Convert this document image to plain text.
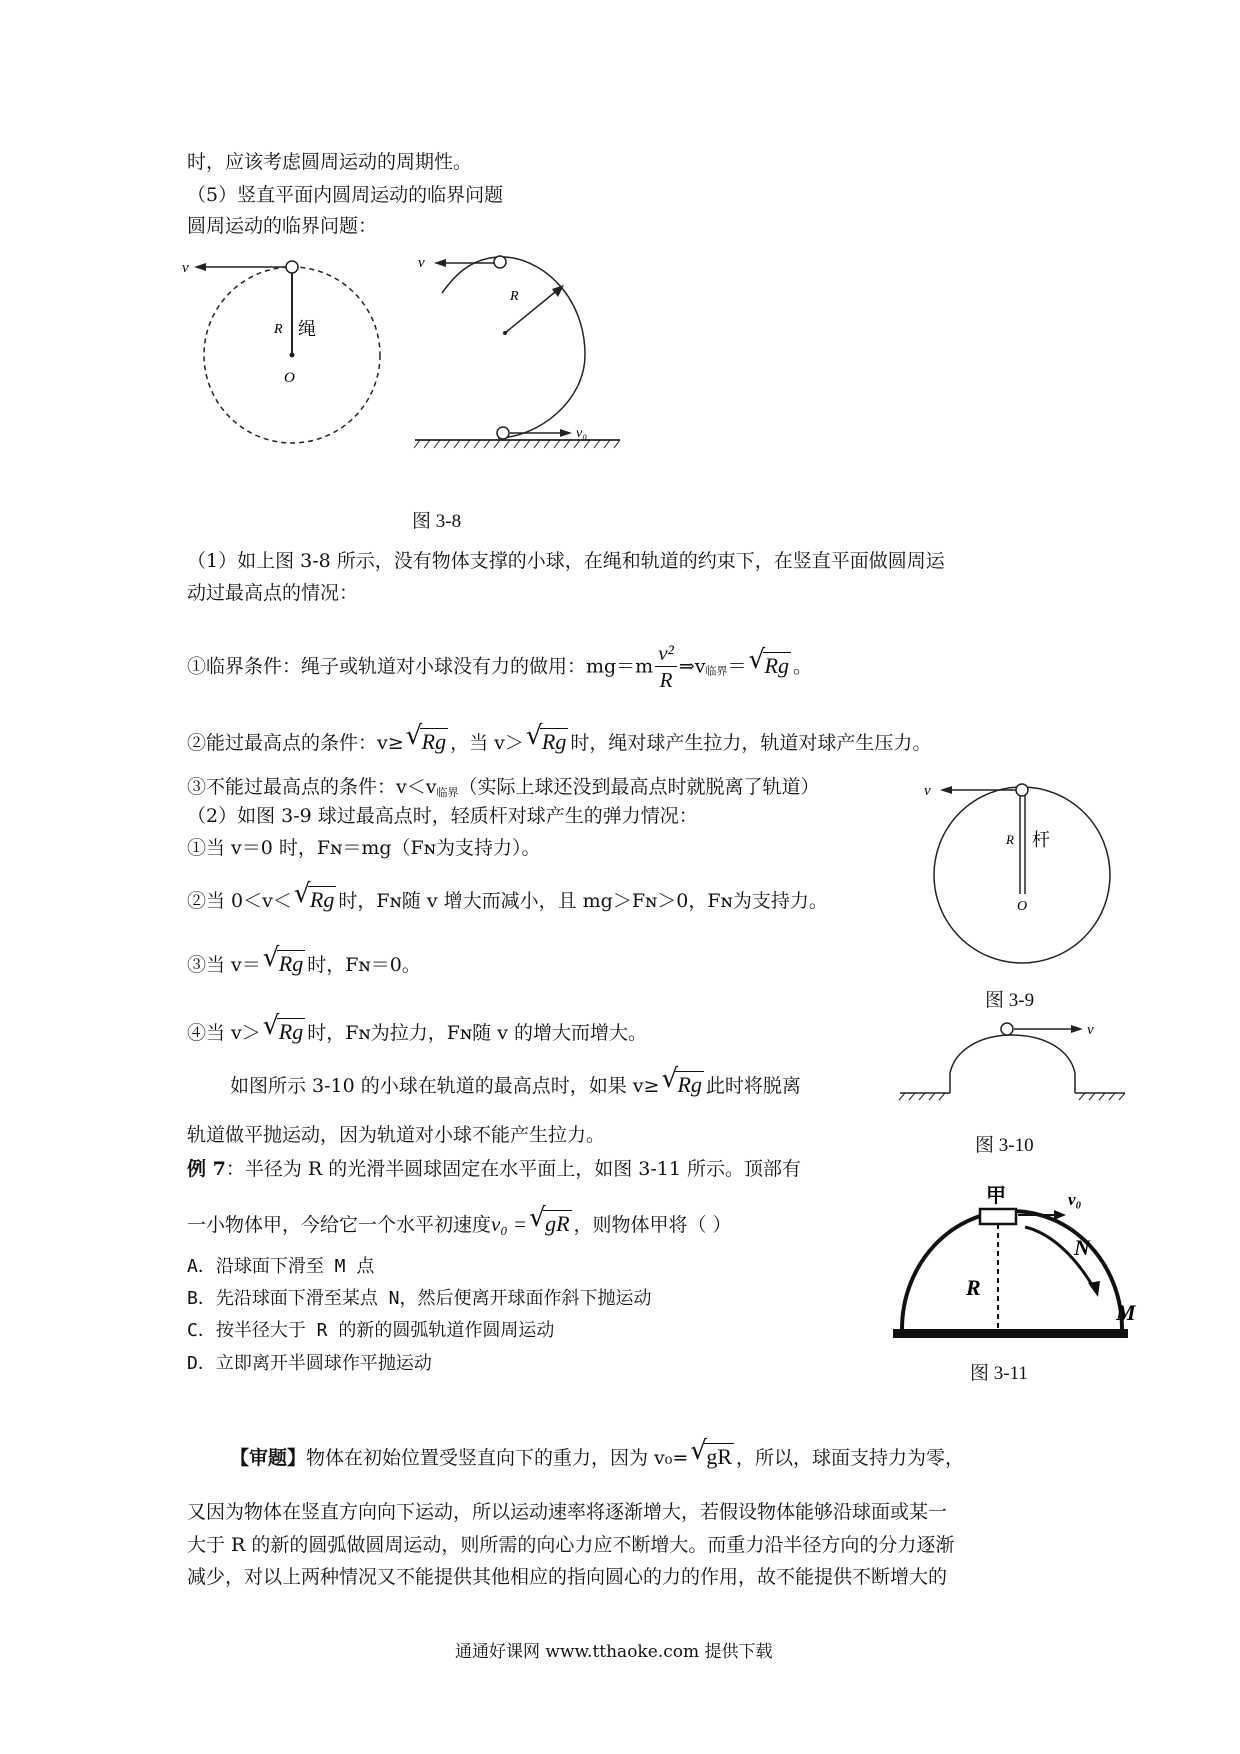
时，应该考虑圆周运动的周期性。
（5）竖直平面内圆周运动的临界问题
圆周运动的临界问题：
v
R 绳
O
v
R
v₀
图 3-8
（1）如上图 3-8 所示，没有物体支撑的小球，在绳和轨道的约束下，在竖直平面做圆周运
动过最高点的情况：
①临界条件：绳子或轨道对小球没有力的做用：$mg=m \frac{\text{v²}}{R}$ $\Rightarrow v_{临界}=$ √ Rg 。
②能过最高点的条件：v≥ √ Rg ，当 v＞ √ Rg 时，绳对球产生拉力，轨道对球产生压力。
③不能过最高点的条件：$v<v_{临界}$（实际上球还没到最高点时就脱离了轨道）
（2）如图 3-9 球过最高点时，轻质杆对球产生的弹力情况：
①当 v＝0 时，Fɴ＝mg（Fɴ为支持力）。
②当 0＜v＜ √ Rg 时，Fɴ随 v 增大而减小，且 mg＞Fɴ＞0，Fɴ为支持力。
③当 v＝ √ Rg 时，Fɴ＝0。
④当 v＞ √ Rg 时，Fɴ为拉力，Fɴ随 v 的增大而增大。
v
R 杆
O
图 3-9
如图所示 3-10 的小球在轨道的最高点时，如果 v≥ √ Rg 此时将脱离
轨道做平抛运动，因为轨道对小球不能产生拉力。
v
图 3-10
例 7：半径为 R 的光滑半圆球固定在水平面上，如图 3-11 所示。顶部有
一小物体甲，今给它一个水平初速度v₀ = √ gR ，则物体甲将（ ）
A．沿球面下滑至 M 点
B．先沿球面下滑至某点 N，然后便离开球面作斜下抛运动
C．按半径大于 R 的新的圆弧轨道作圆周运动
D．立即离开半圆球作平抛运动
甲	v₀
N
R
M
图 3-11
【审题】物体在初始位置受竖直向下的重力，因为 v₀= √ gR ，所以，球面支持力为零，
又因为物体在竖直方向向下运动，所以运动速率将逐渐增大，若假设物体能够沿球面或某一
大于 R 的新的圆弧做圆周运动，则所需的向心力应不断增大。而重力沿半径方向的分力逐渐
减少，对以上两种情况又不能提供其他相应的指向圆心的力的作用，故不能提供不断增大的
通通好课网 www.tthaoke.com 提供下载
